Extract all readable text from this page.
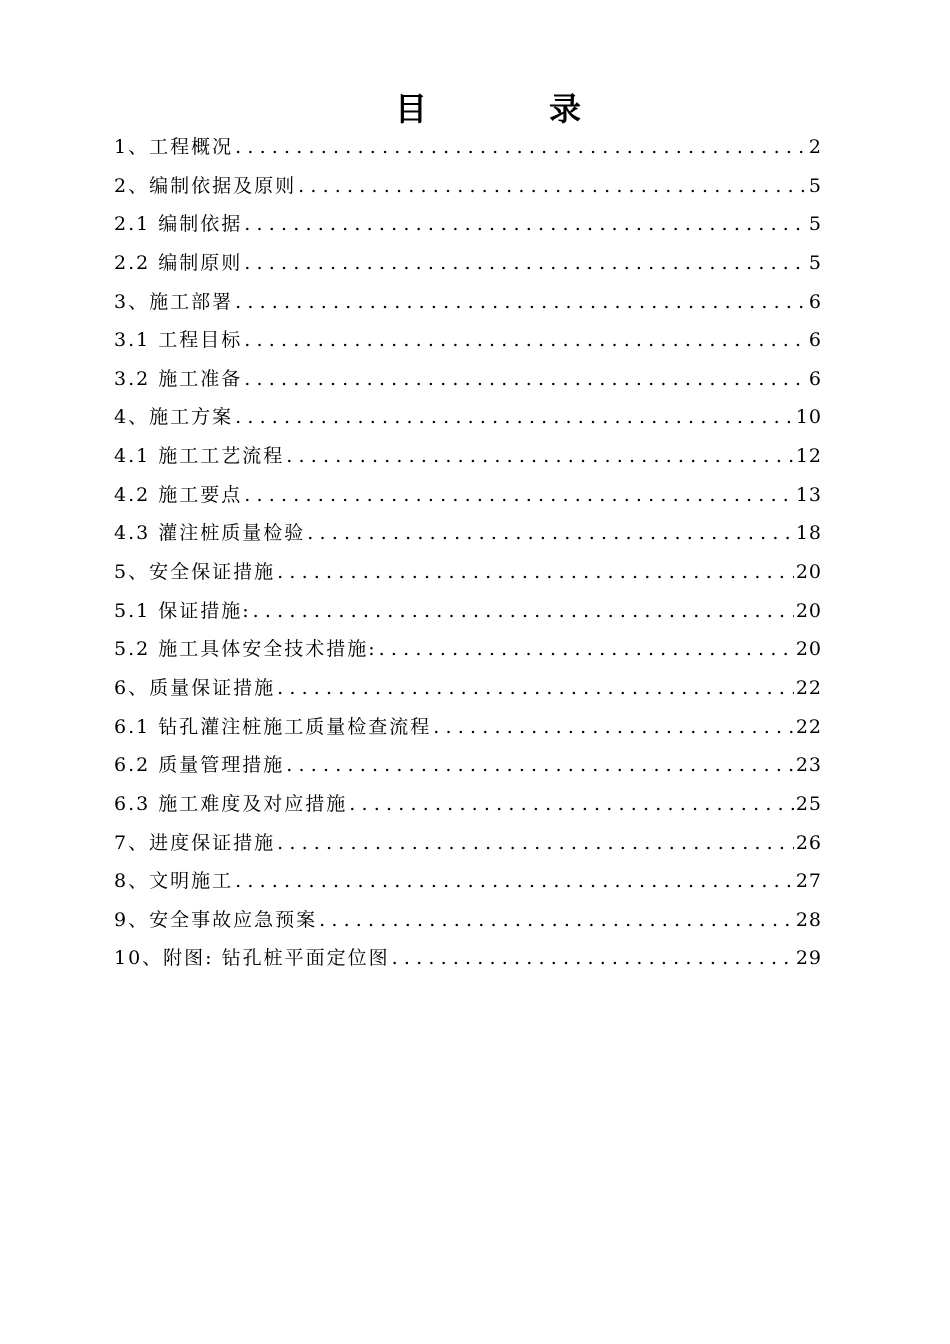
目	录
1、工程概况 .....	2
2、编制依据及原则 .....	5
2.1 编制依据 .....	5
2.2 编制原则 .....	5
3、施工部署 .....	6
3.1 工程目标 .....	6
3.2 施工准备 .....	6
4、施工方案 .....	10
4.1 施工工艺流程 .....	12
4.2 施工要点 .....	13
4.3 灌注桩质量检验 .....	18
5、安全保证措施 .....	20
5.1 保证措施: .....	20
5.2 施工具体安全技术措施: .....	20
6、质量保证措施 .....	22
6.1 钻孔灌注桩施工质量检查流程 .....	22
6.2 质量管理措施 .....	23
6.3 施工难度及对应措施 .....	25
7、进度保证措施 .....	26
8、文明施工 .....	27
9、安全事故应急预案 .....	28
10、附图: 钻孔桩平面定位图 .....	29
